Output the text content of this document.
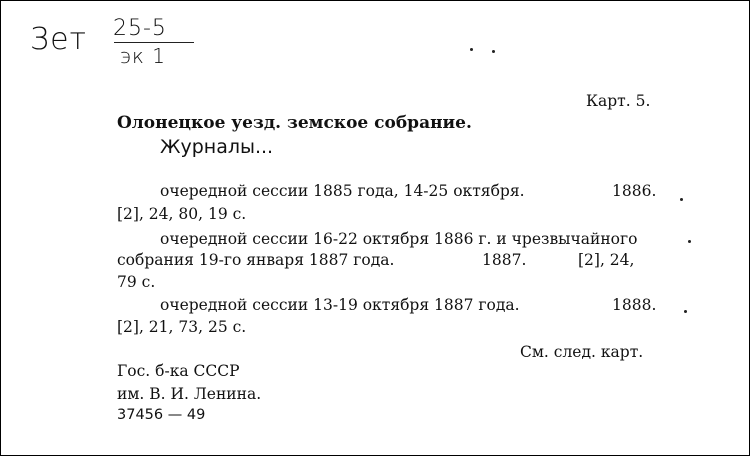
Зет 25-5
эк 1
Карт. 5.
Олонецкое уезд. земское собрание.
Журналы...
очередной сессии 1885 года, 14-25 октября.	1886.
[2], 24, 80, 19 с.
очередной сессии 16-22 октября 1886 г. и чрезвычайного
собрания 19-го января 1887 года.	1887.	[2], 24,
79 с.
очередной сессии 13-19 октября 1887 года.	1888.
[2], 21, 73, 25 с.
См. след. карт.
Гос. б-ка СССР
им. В. И. Ленина.
37456 — 49
